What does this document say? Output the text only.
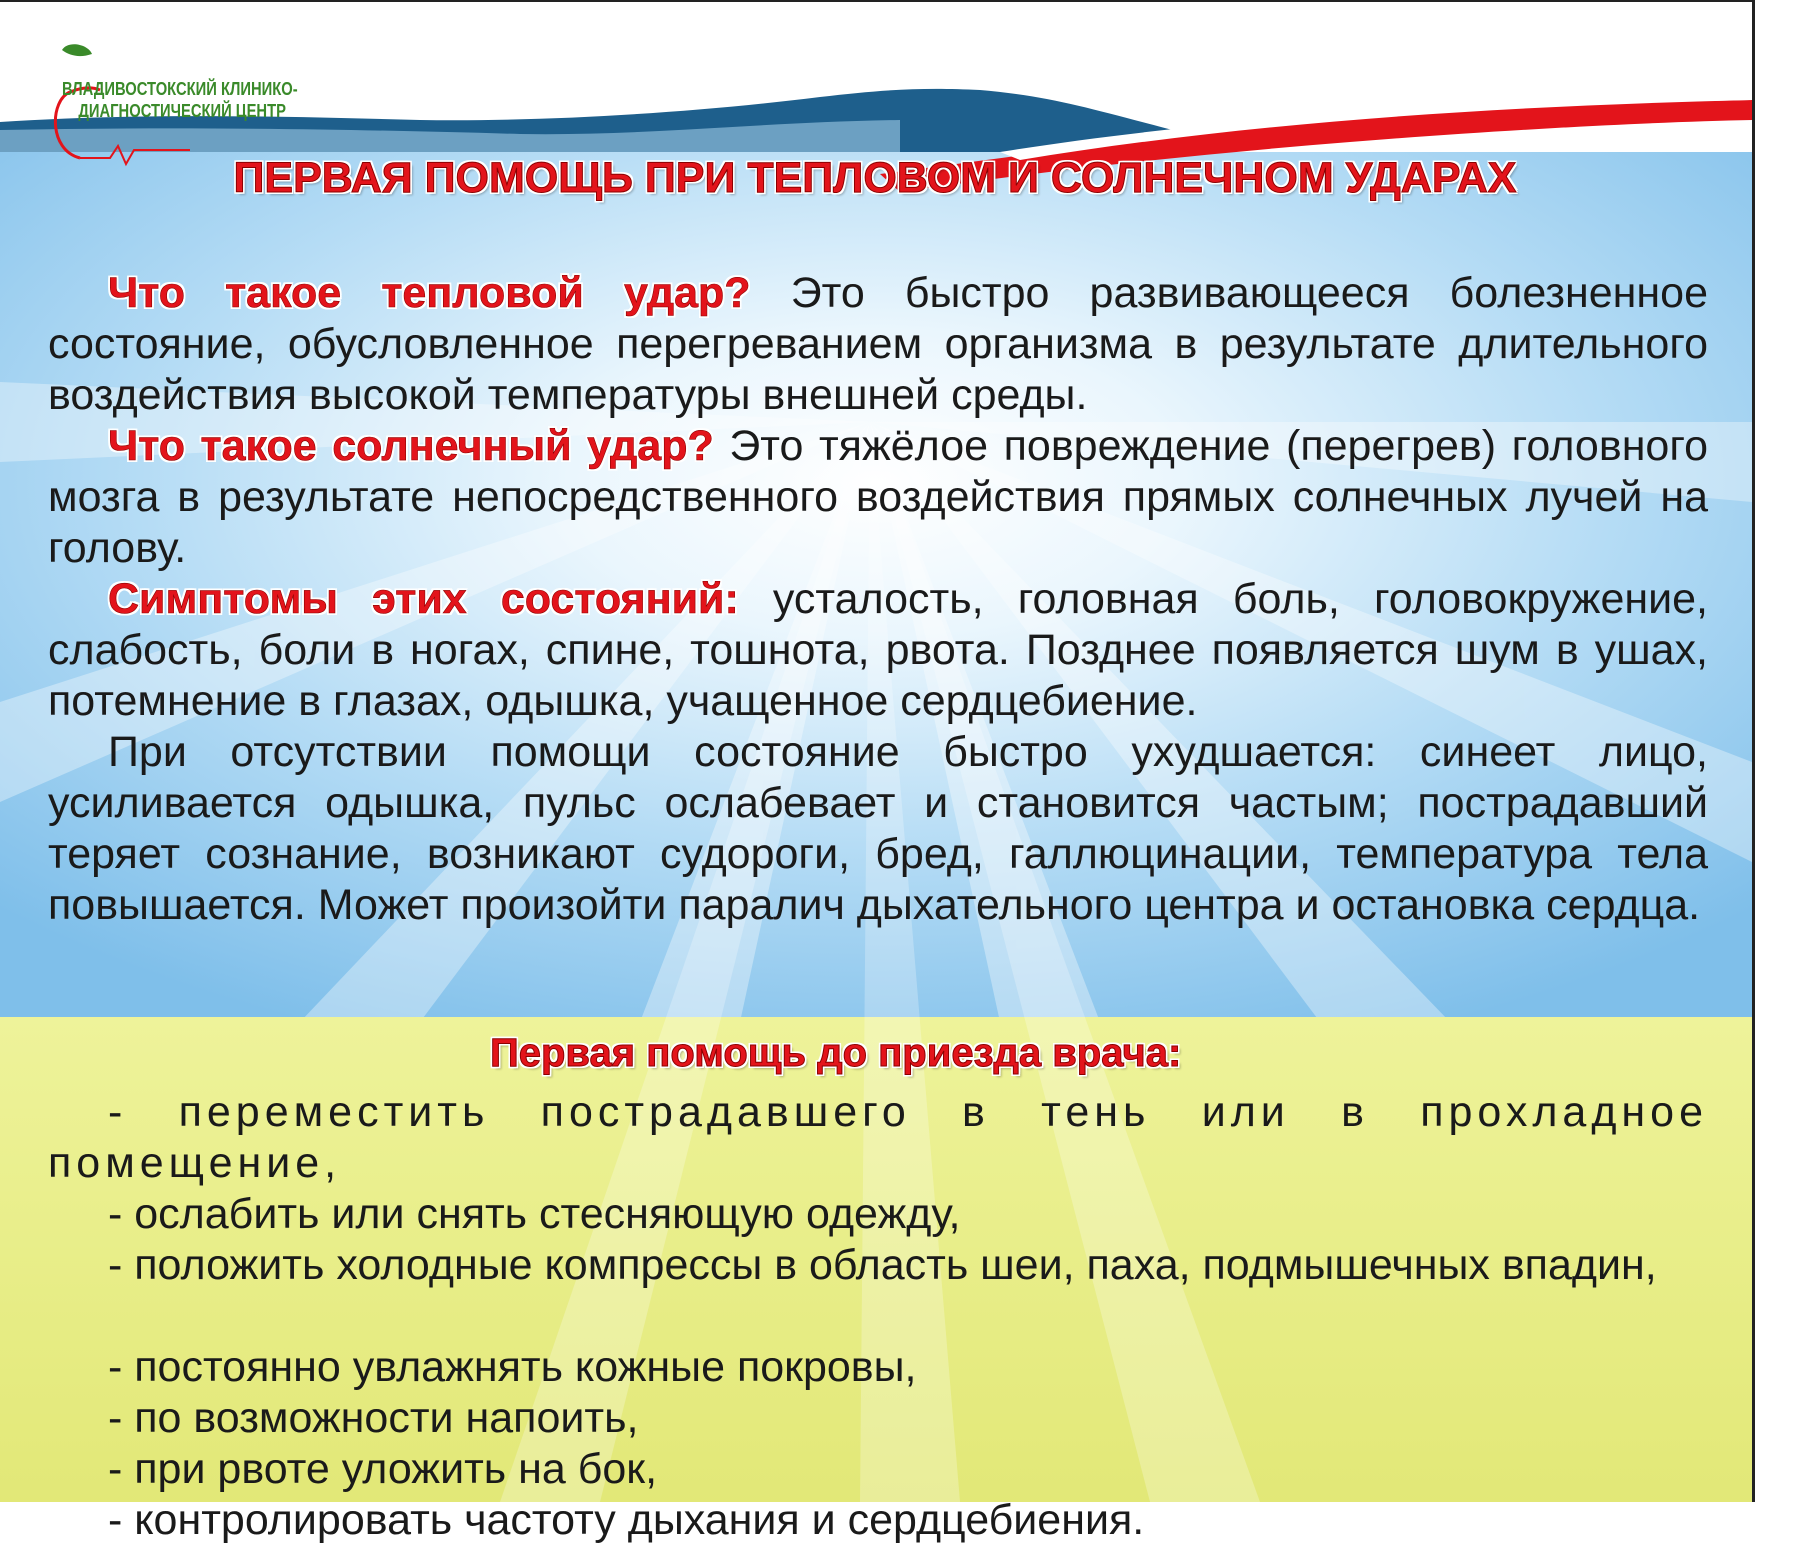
ВЛАДИВОСТОКСКИЙ КЛИНИКО-
ДИАГНОСТИЧЕСКИЙ ЦЕНТР
ПЕРВАЯ ПОМОЩЬ ПРИ ТЕПЛОВОМ И СОЛНЕЧНОМ УДАРАХ

Что такое тепловой удар? Это быстро развивающееся болезненное состояние, обусловленное перегреванием организма в результате длительного воздействия высокой температуры внешней среды.

Что такое солнечный удар? Это тяжёлое повреждение (перегрев) головного мозга в результате непосредственного воздействия прямых солнечных лучей на голову.

Симптомы этих состояний: усталость, головная боль, головокружение, слабость, боли в ногах, спине, тошнота, рвота. Позднее появляется шум в ушах, потемнение в глазах, одышка, учащенное сердцебиение.

При отсутствии помощи состояние быстро ухудшается: синеет лицо, усиливается одышка, пульс ослабевает и становится частым; пострадавший теряет сознание, возникают судороги, бред, галлюцинации, температура тела повышается. Может произойти паралич дыхательного центра и остановка сердца.

Первая помощь до приезда врача:

- переместить пострадавшего в тень или в прохладное помещение,

- ослабить или снять стесняющую одежду,

- положить холодные компрессы в область шеи, паха, подмышечных впадин,

- постоянно увлажнять кожные покровы,

- по возможности напоить,

- при рвоте уложить на бок,

- контролировать частоту дыхания и сердцебиения.
